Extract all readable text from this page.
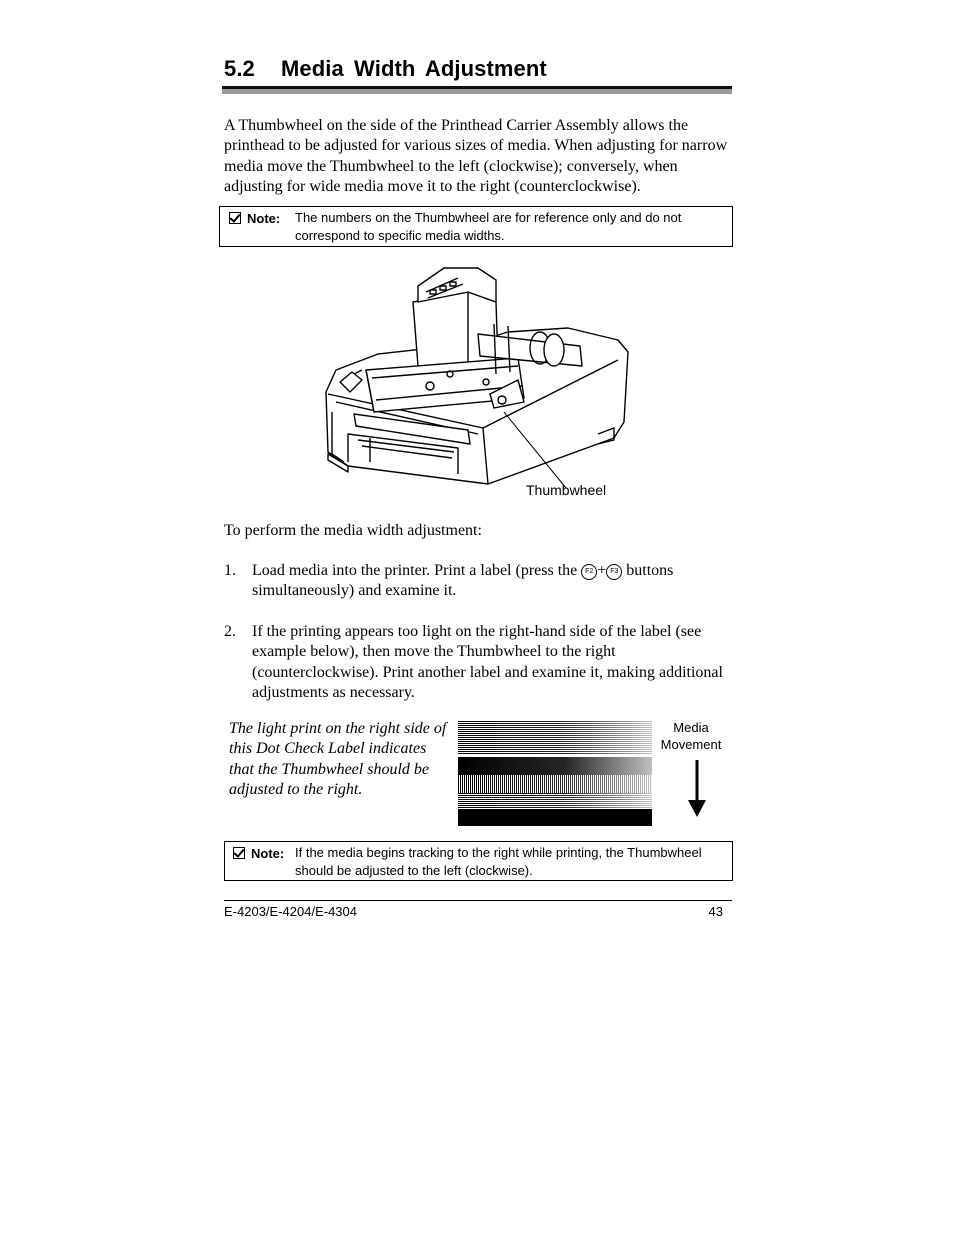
5.2 Media Width Adjustment

A Thumbwheel on the side of the Printhead Carrier Assembly allows the printhead to be adjusted for various sizes of media. When adjusting for narrow media move the Thumbwheel to the left (clockwise); conversely, when adjusting for wide media move it to the right (counterclockwise).

Note: The numbers on the Thumbwheel are for reference only and do not correspond to specific media widths.
Thumbwheel

To perform the media width adjustment:

1. Load media into the printer. Print a label (press the F2 + F3 buttons simultaneously) and examine it.
2. If the printing appears too light on the right-hand side of the label (see example below), then move the Thumbwheel to the right (counterclockwise). Print another label and examine it, making additional adjustments as necessary.

The light print on the right side of this Dot Check Label indicates that the Thumbwheel should be adjusted to the right.

Media
Movement
Note: If the media begins tracking to the right while printing, the Thumbwheel should be adjusted to the left (clockwise).
E-4203/E-4204/E-4304	43
